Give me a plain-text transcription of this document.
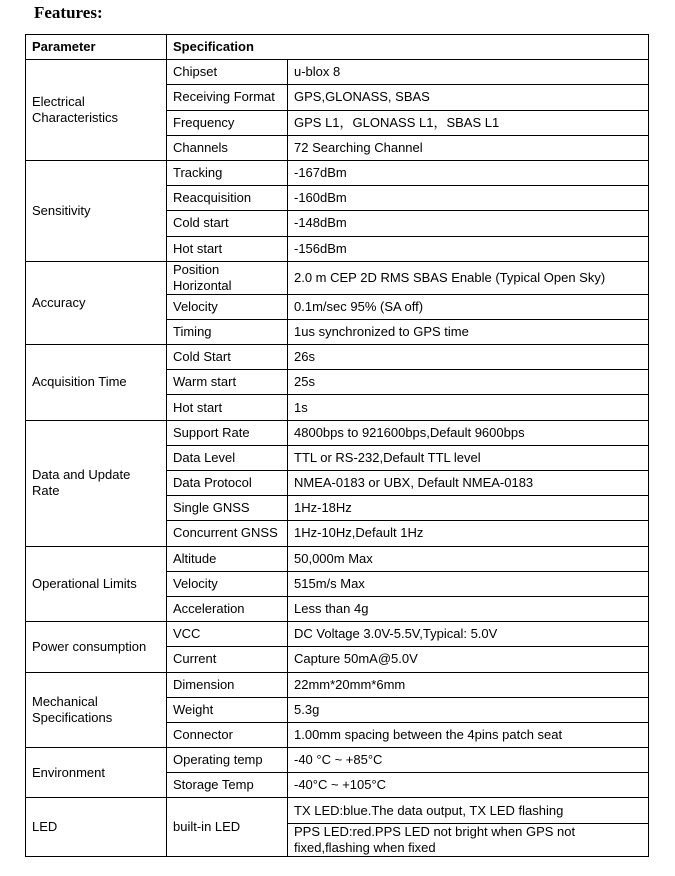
Features:
Parameter	Specification	
Electrical Characteristics	Chipset	u-blox 8
	Receiving Format	GPS,GLONASS, SBAS
	Frequency	GPS L1，GLONASS L1，SBAS L1
	Channels	72 Searching Channel
Sensitivity	Tracking	-167dBm
	Reacquisition	-160dBm
	Cold start	-148dBm
	Hot start	-156dBm
Accuracy	Position Horizontal	2.0 m CEP 2D RMS SBAS Enable (Typical Open Sky)
	Velocity	0.1m/sec 95% (SA off)
	Timing	1us synchronized to GPS time
Acquisition Time	Cold Start	26s
	Warm start	25s
	Hot start	1s
Data and Update Rate	Support Rate	4800bps to 921600bps,Default 9600bps
	Data Level	TTL or RS-232,Default TTL level
	Data Protocol	NMEA-0183 or UBX, Default NMEA-0183
	Single GNSS	1Hz-18Hz
	Concurrent GNSS	1Hz-10Hz,Default 1Hz
Operational Limits	Altitude	50,000m Max
	Velocity	515m/s Max
	Acceleration	Less than 4g
Power consumption	VCC	DC Voltage 3.0V-5.5V,Typical: 5.0V
	Current	Capture 50mA@5.0V
Mechanical Specifications	Dimension	22mm*20mm*6mm
	Weight	5.3g
	Connector	1.00mm spacing between the 4pins patch seat
Environment	Operating temp	-40 °C ~ +85°C
	Storage Temp	-40°C ~ +105°C
LED	built-in LED	TX LED:blue.The data output, TX LED flashing
		PPS LED:red.PPS LED not bright when GPS not fixed,flashing when fixed
